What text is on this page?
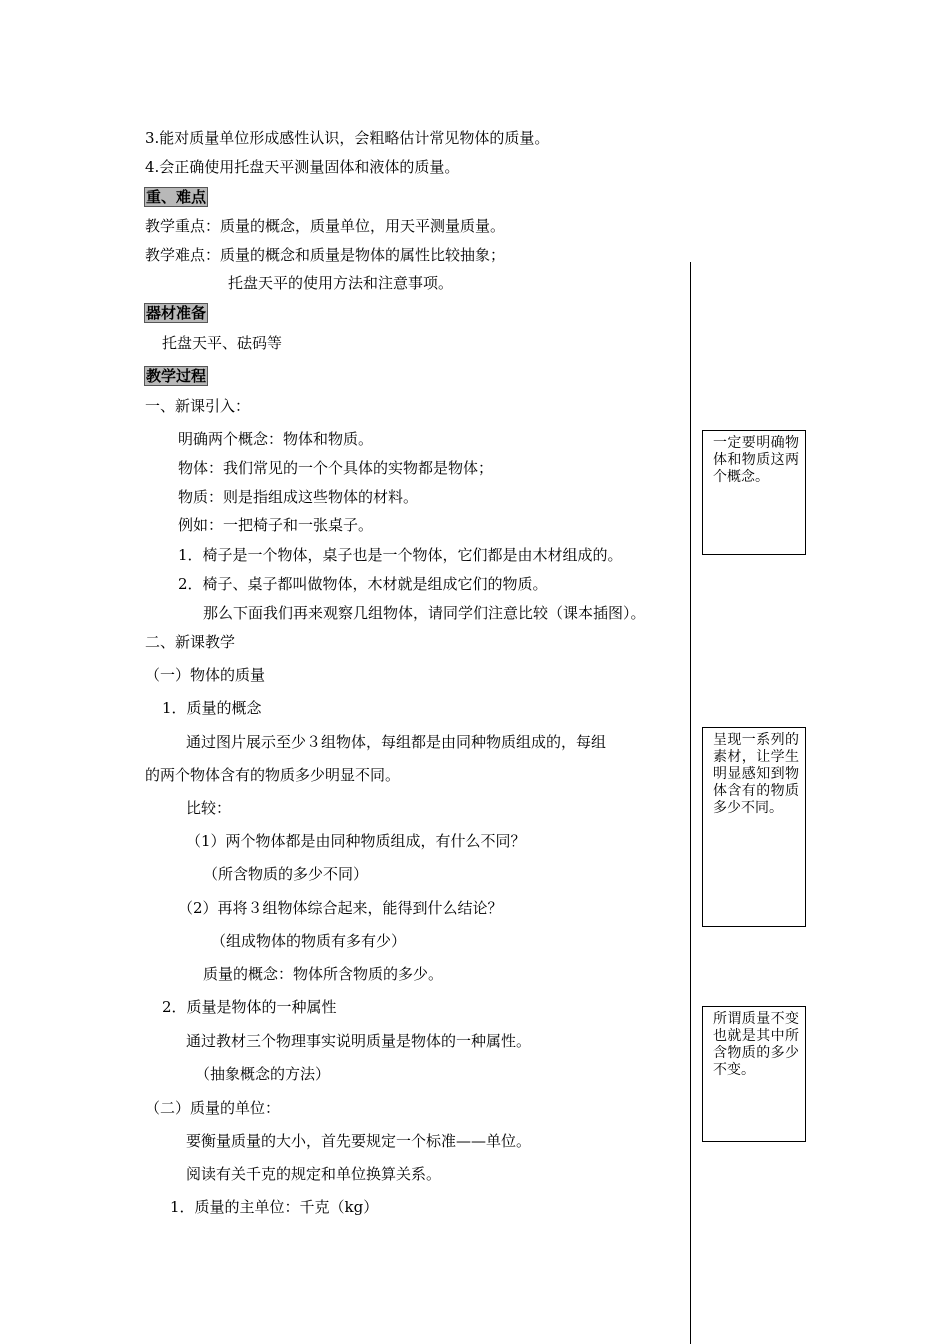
3.能对质量单位形成感性认识，会粗略估计常见物体的质量。
4.会正确使用托盘天平测量固体和液体的质量。
重、难点
教学重点：质量的概念，质量单位，用天平测量质量。
教学难点：质量的概念和质量是物体的属性比较抽象；
托盘天平的使用方法和注意事项。
器材准备
托盘天平、砝码等
教学过程
一、新课引入：
明确两个概念：物体和物质。
物体：我们常见的一个个具体的实物都是物体；
物质：则是指组成这些物体的材料。
例如：一把椅子和一张桌子。
1．椅子是一个物体，桌子也是一个物体，它们都是由木材组成的。
2．椅子、桌子都叫做物体，木材就是组成它们的物质。
那么下面我们再来观察几组物体，请同学们注意比较（课本插图）。
二、新课教学
（一）物体的质量
1．质量的概念
通过图片展示至少３组物体，每组都是由同种物质组成的，每组
的两个物体含有的物质多少明显不同。
比较：
（1）两个物体都是由同种物质组成，有什么不同？
（所含物质的多少不同）
（2）再将３组物体综合起来，能得到什么结论？
（组成物体的物质有多有少）
质量的概念：物体所含物质的多少。
2．质量是物体的一种属性
通过教材三个物理事实说明质量是物体的一种属性。
（抽象概念的方法）
（二）质量的单位：
要衡量质量的大小，首先要规定一个标准——单位。
阅读有关千克的规定和单位换算关系。
1．质量的主单位：千克（kg）
一定要明确物体和物质这两个概念。
呈现一系列的素材，让学生明显感知到物体含有的物质多少不同。
所谓质量不变也就是其中所含物质的多少不变。
